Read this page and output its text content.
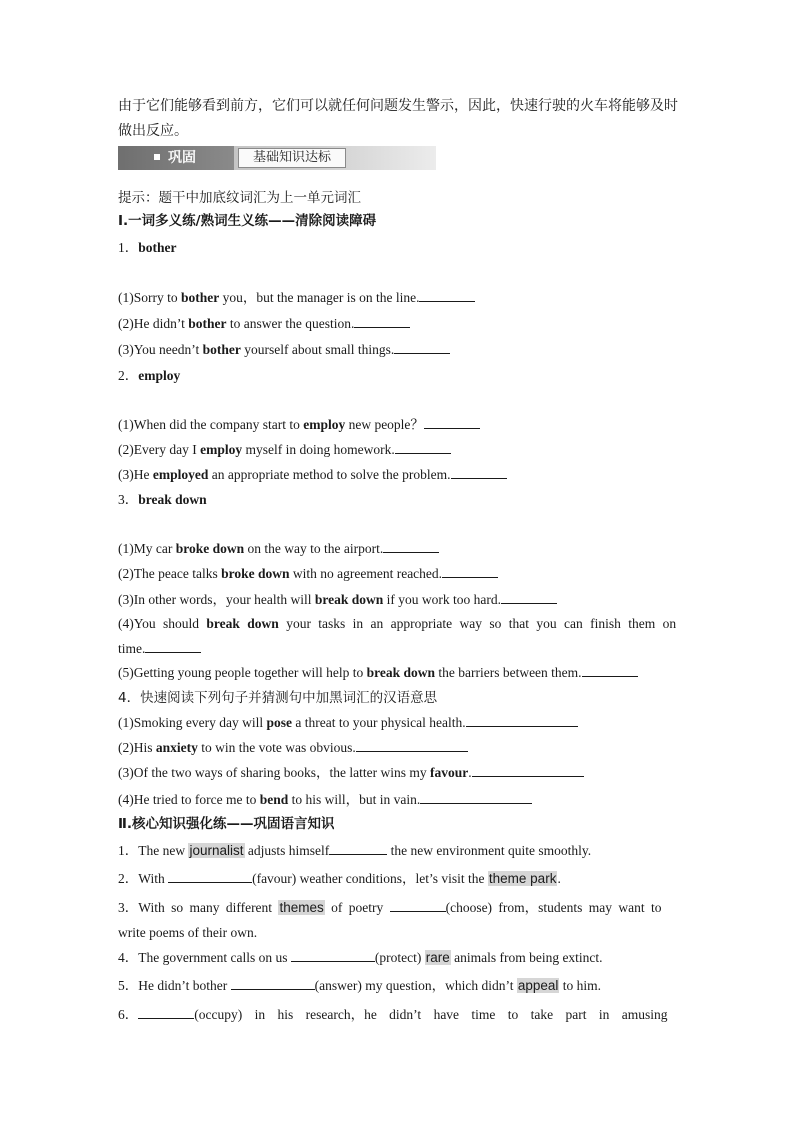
由于它们能够看到前方，它们可以就任何问题发生警示，因此，快速行驶的火车将能够及时
做出反应。
巩固	基础知识达标
提示：题干中加底纹词汇为上一单元词汇
Ⅰ.一词多义练/熟词生义练——清除阅读障碍
1．bother
(1)Sorry to bother you，but the manager is on the line.
(2)He didn’t bother to answer the question.
(3)You needn’t bother yourself about small things.
2．employ
(1)When did the company start to employ new people？
(2)Every day I employ myself in doing homework.
(3)He employed an appropriate method to solve the problem.
3．break down
(1)My car broke down on the way to the airport.
(2)The peace talks broke down with no agreement reached.
(3)In other words，your health will break down if you work too hard.
(4)You should break down your tasks in an appropriate way so that you can finish them on
time.
(5)Getting young people together will help to break down the barriers between them.
4．快速阅读下列句子并猜测句中加黑词汇的汉语意思
(1)Smoking every day will pose a threat to your physical health.
(2)His anxiety to win the vote was obvious.
(3)Of the two ways of sharing books，the latter wins my favour.
(4)He tried to force me to bend to his will，but in vain.
Ⅱ.核心知识强化练——巩固语言知识
1．The new journalist adjusts himself	the new environment quite smoothly.
2．With	(favour) weather conditions，let’s visit the theme park.
3．With so many different themes of poetry	(choose) from，students may want to
write poems of their own.
4．The government calls on us	(protect) rare animals from being extinct.
5．He didn’t bother	(answer) my question，which didn’t appeal to him.
6．	(occupy) in his research，he didn’t have time to take part in amusing
